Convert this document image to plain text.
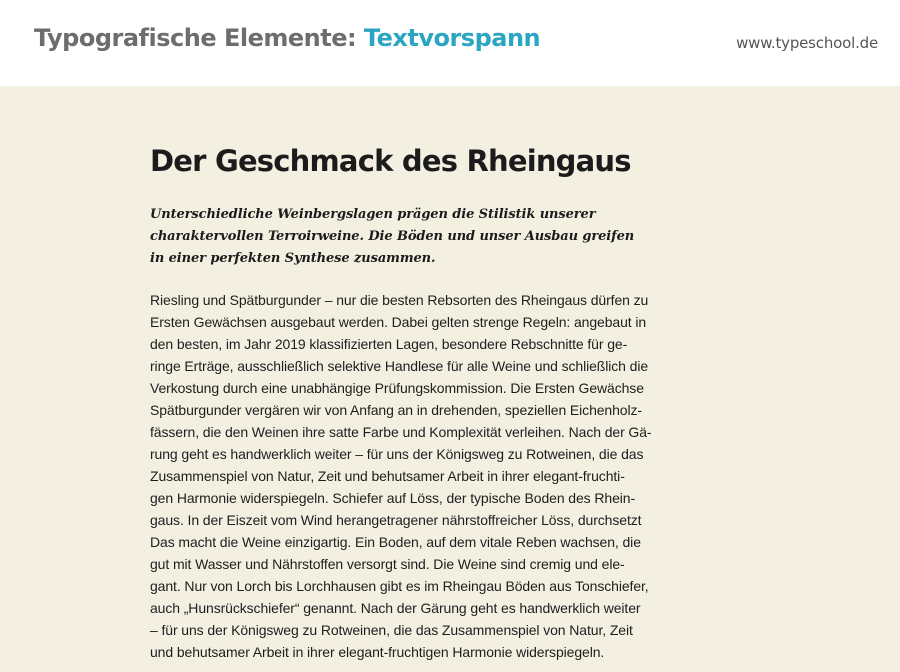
Typografische Elemente: Textvorspann	www.typeschool.de
Der Geschmack des Rheingaus
Unterschiedliche Weinbergslagen prägen die Stilistik unserer
charaktervollen Terroirweine. Die Böden und unser Ausbau greifen
in einer perfekten Synthese zusammen.
Riesling und Spätburgunder – nur die besten Rebsorten des Rheingaus dürfen zu
Ersten Gewächsen ausgebaut werden. Dabei gelten strenge Regeln: angebaut in
den besten, im Jahr 2019 klassifizierten Lagen, besondere Rebschnitte für ge-
ringe Erträge, ausschließlich selektive Handlese für alle Weine und schließlich die
Verkostung durch eine unabhängige Prüfungskommission. Die Ersten Gewächse
Spätburgunder vergären wir von Anfang an in drehenden, speziellen Eichenholz-
fässern, die den Weinen ihre satte Farbe und Komplexität verleihen. Nach der Gä-
rung geht es handwerklich weiter – für uns der Königsweg zu Rotweinen, die das
Zusammenspiel von Natur, Zeit und behutsamer Arbeit in ihrer elegant-fruchti-
gen Harmonie widerspiegeln. Schiefer auf Löss, der typische Boden des Rhein-
gaus. In der Eiszeit vom Wind herangetragener nährstoffreicher Löss, durchsetzt
Das macht die Weine einzigartig. Ein Boden, auf dem vitale Reben wachsen, die
gut mit Wasser und Nährstoffen versorgt sind. Die Weine sind cremig und ele-
gant. Nur von Lorch bis Lorchhausen gibt es im Rheingau Böden aus Tonschiefer,
auch „Hunsrückschiefer“ genannt. Nach der Gärung geht es handwerklich weiter
– für uns der Königsweg zu Rotweinen, die das Zusammenspiel von Natur, Zeit
und behutsamer Arbeit in ihrer elegant-fruchtigen Harmonie widerspiegeln.
